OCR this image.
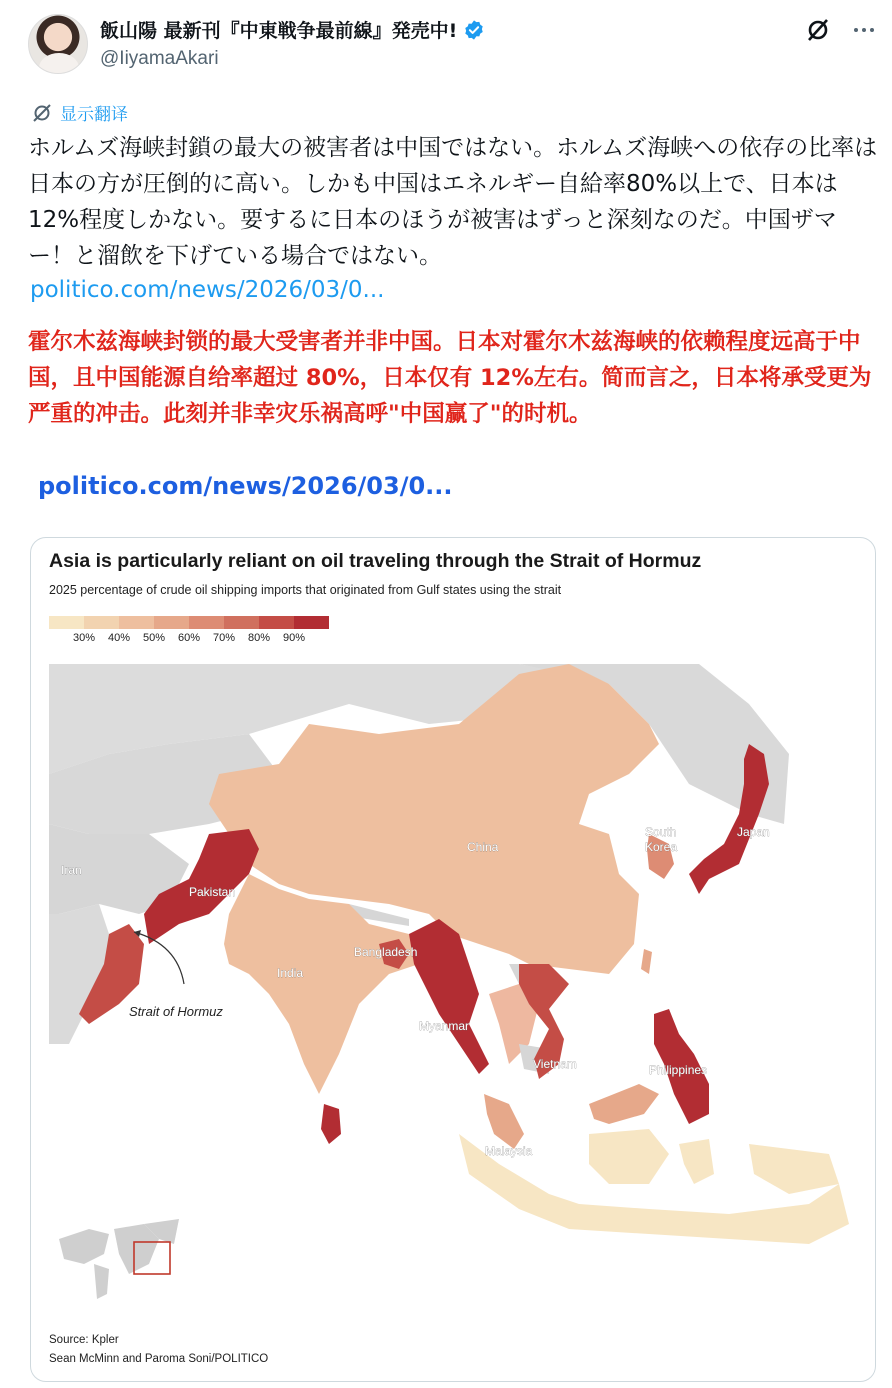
飯山陽 最新刊『中東戦争最前線』発売中!
@IiyamaAkari
显示翻译
ホルムズ海峡封鎖の最大の被害者は中国ではない。ホルムズ海峡への依存の比率は日本の方が圧倒的に高い。しかも中国はエネルギー自給率80%以上で、日本は12%程度しかない。要するに日本のほうが被害はずっと深刻なのだ。中国ザマー！と溜飲を下げている場合ではない。
politico.com/news/2026/03/0...
霍尔木兹海峡封锁的最大受害者并非中国。日本对霍尔木兹海峡的依赖程度远高于中国，且中国能源自给率超过 80%，日本仅有 12%左右。简而言之，日本将承受更为严重的冲击。此刻并非幸灾乐祸高呼"中国赢了"的时机。
politico.com/news/2026/03/0...
Asia is particularly reliant on oil traveling through the Strait of Hormuz
2025 percentage of crude oil shipping imports that originated from Gulf states using the strait
30% 40% 50% 60% 70% 80% 90%
Strait of Hormuz
Iran
Pakistan
India
China
South
Korea
Japan
Bangladesh
Myanmar
Vietnam	Philippines
Malaysia
Source: Kpler
Sean McMinn and Paroma Soni/POLITICO
